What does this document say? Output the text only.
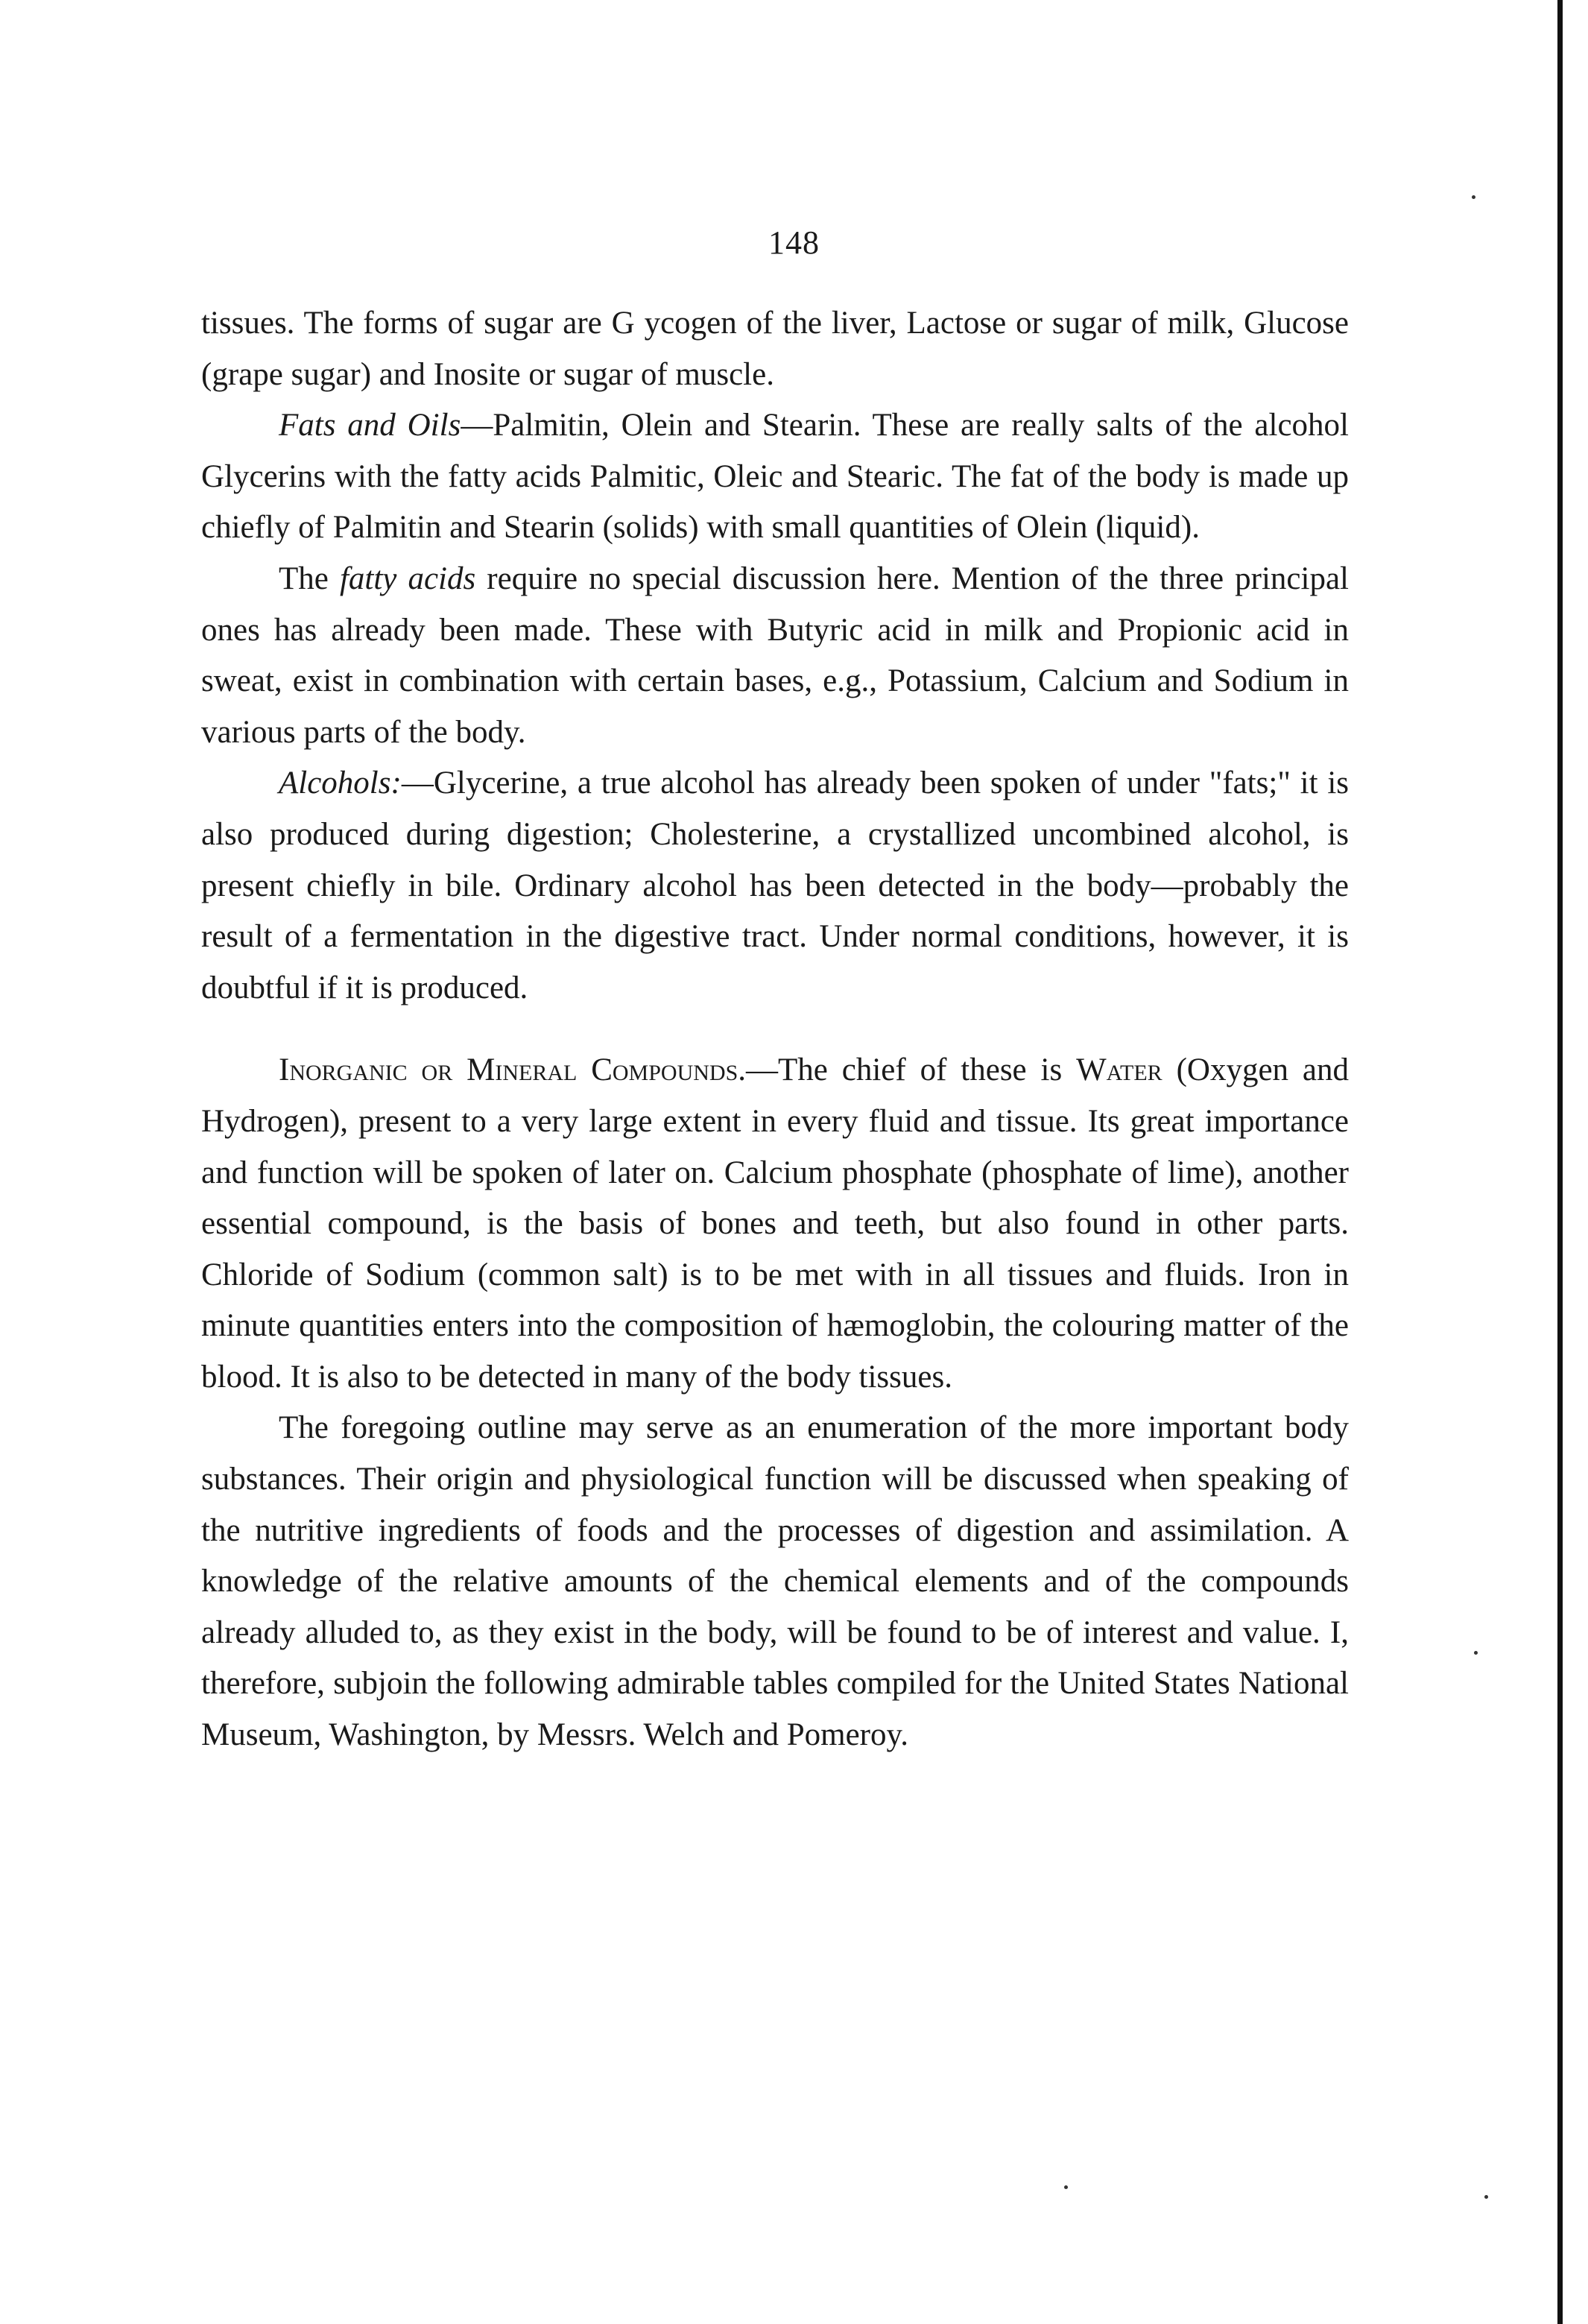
148

tissues. The forms of sugar are G ycogen of the liver, Lactose or sugar of milk, Glucose (grape sugar) and Inosite or sugar of muscle.

Fats and Oils—Palmitin, Olein and Stearin. These are really salts of the alcohol Glycerins with the fatty acids Palmitic, Oleic and Stearic. The fat of the body is made up chiefly of Palmitin and Stearin (solids) with small quantities of Olein (liquid).

The fatty acids require no special discussion here. Mention of the three principal ones has already been made. These with Butyric acid in milk and Propionic acid in sweat, exist in combination with certain bases, e.g., Potassium, Calcium and Sodium in various parts of the body.

Alcohols:—Glycerine, a true alcohol has already been spoken of under "fats;" it is also produced during digestion; Cholesterine, a crystallized uncombined alcohol, is present chiefly in bile. Ordinary alcohol has been detected in the body—probably the result of a fermentation in the digestive tract. Under normal conditions, however, it is doubtful if it is produced.

Inorganic or Mineral Compounds.—The chief of these is Water (Oxygen and Hydrogen), present to a very large extent in every fluid and tissue. Its great importance and function will be spoken of later on. Calcium phosphate (phosphate of lime), another essential compound, is the basis of bones and teeth, but also found in other parts. Chloride of Sodium (common salt) is to be met with in all tissues and fluids. Iron in minute quantities enters into the composition of hæmoglobin, the colouring matter of the blood. It is also to be detected in many of the body tissues.

The foregoing outline may serve as an enumeration of the more important body substances. Their origin and physiological function will be discussed when speaking of the nutritive ingredients of foods and the processes of digestion and assimilation. A knowledge of the relative amounts of the chemical elements and of the compounds already alluded to, as they exist in the body, will be found to be of interest and value. I, therefore, subjoin the following admirable tables compiled for the United States National Museum, Washington, by Messrs. Welch and Pomeroy.
